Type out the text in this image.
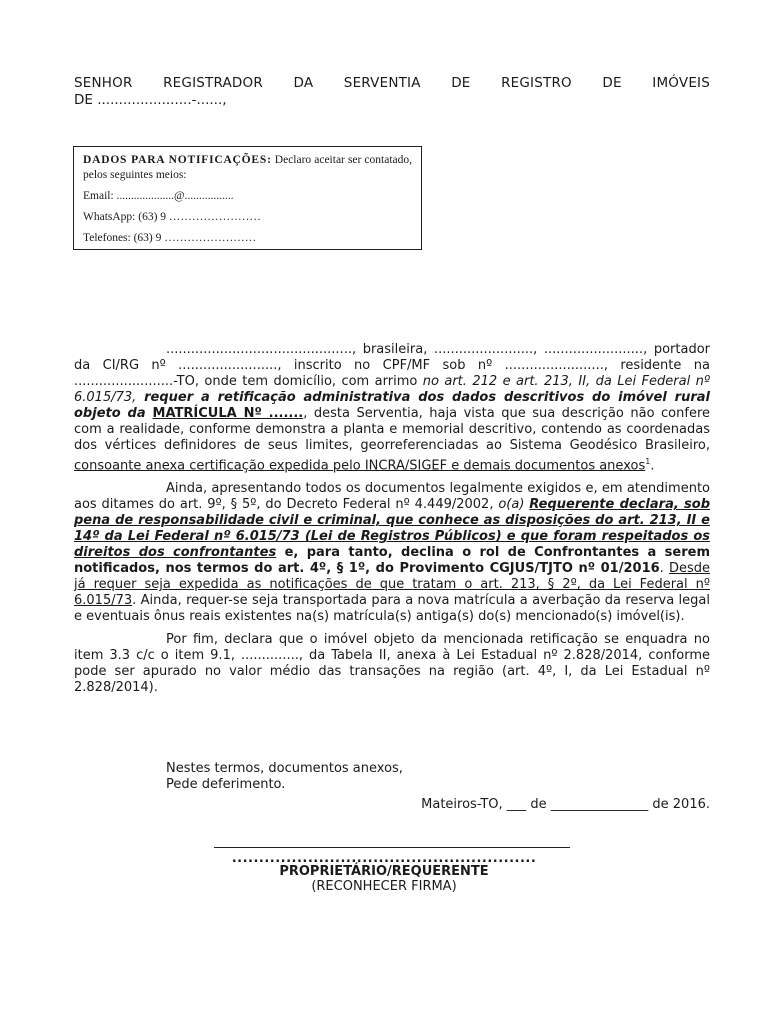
SENHOR REGISTRADOR DA SERVENTIA DE REGISTRO DE IMÓVEIS
DE ......................-......,
DADOS PARA NOTIFICAÇÕES: Declaro aceitar ser contatado, pelos seguintes meios:
Email: ....................@.................
WhatsApp: (63) 9 ……………………
Telefones: (63) 9 ……………………

............................................., brasileira, ........................, ........................, portador da CI/RG nº ........................, inscrito no CPF/MF sob nº ........................, residente na ........................-TO, onde tem domicílio, com arrimo no art. 212 e art. 213, II, da Lei Federal nº 6.015/73, requer a retificação administrativa dos dados descritivos do imóvel rural objeto da MATRÍCULA Nº ......., desta Serventia, haja vista que sua descrição não confere com a realidade, conforme demonstra a planta e memorial descritivo, contendo as coordenadas dos vértices definidores de seus limites, georreferenciadas ao Sistema Geodésico Brasileiro, consoante anexa certificação expedida pelo INCRA/SIGEF e demais documentos anexos$^1$.

Ainda, apresentando todos os documentos legalmente exigidos e, em atendimento aos ditames do art. 9º, § 5º, do Decreto Federal nº 4.449/2002, o(a) Requerente declara, sob pena de responsabilidade civil e criminal, que conhece as disposições do art. 213, II e 14º da Lei Federal nº 6.015/73 (Lei de Registros Públicos) e que foram respeitados os direitos dos confrontantes e, para tanto, declina o rol de Confrontantes a serem notificados, nos termos do art. 4º, § 1º, do Provimento CGJUS/TJTO nº 01/2016. Desde já requer seja expedida as notificações de que tratam o art. 213, § 2º, da Lei Federal nº 6.015/73. Ainda, requer-se seja transportada para a nova matrícula a averbação da reserva legal e eventuais ônus reais existentes na(s) matrícula(s) antiga(s) do(s) mencionado(s) imóvel(is).

Por fim, declara que o imóvel objeto da mencionada retificação se enquadra no item 3.3 c/c o item 9.1, .............., da Tabela II, anexa à Lei Estadual nº 2.828/2014, conforme pode ser apurado no valor médio das transações na região (art. 4º, I, da Lei Estadual nº 2.828/2014).

Nestes termos, documentos anexos,
Pede deferimento.
Mateiros-TO, ___ de _______________ de 2016.
........................................................
PROPRIETÁRIO/REQUERENTE
(RECONHECER FIRMA)
